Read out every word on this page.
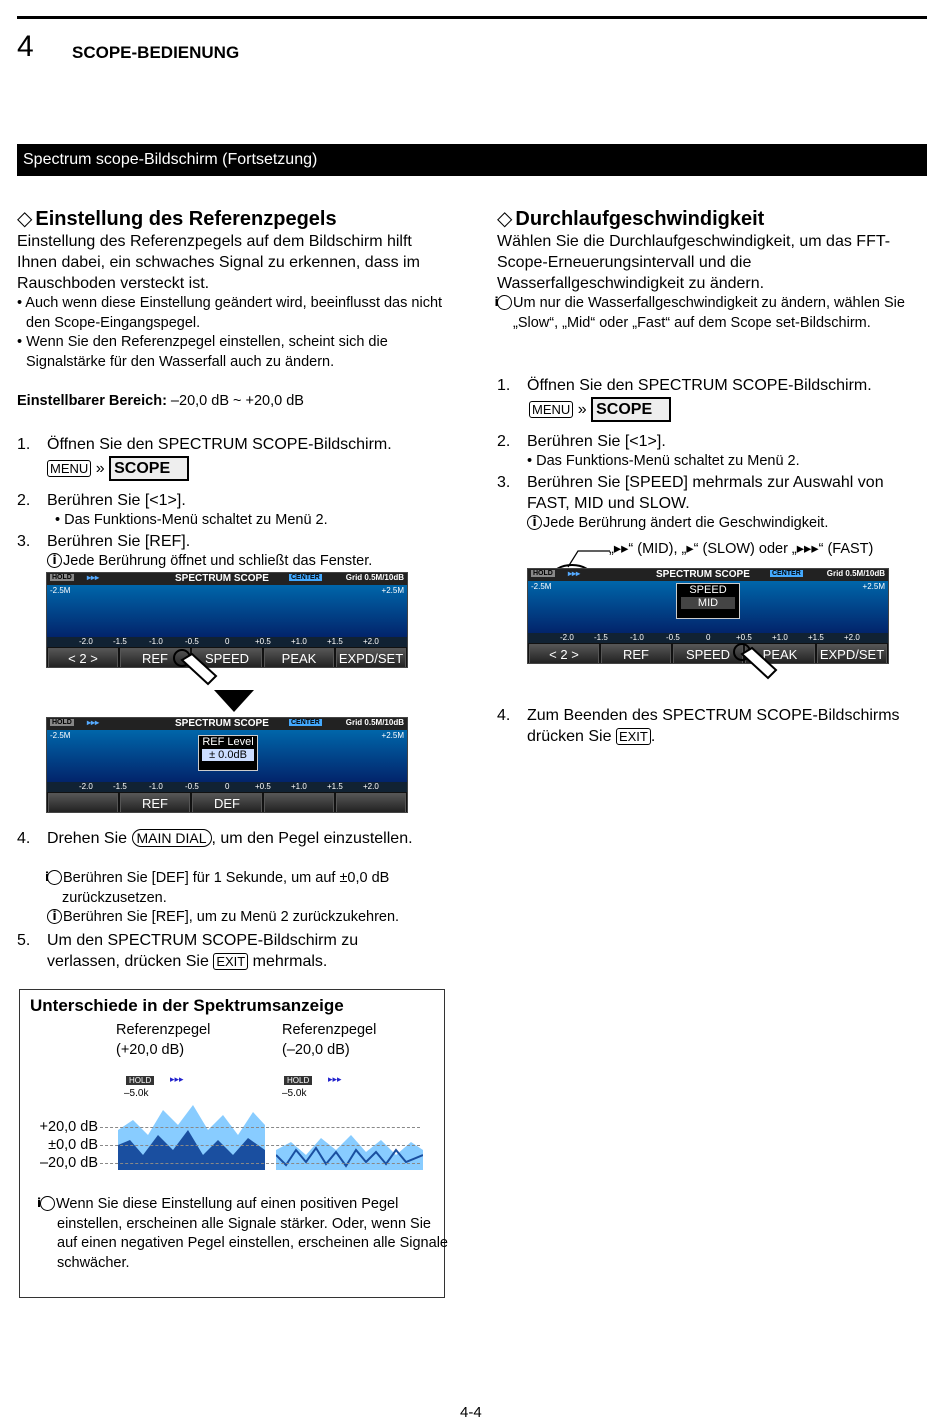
4 SCOPE-BEDIENUNG
Spectrum scope-Bildschirm (Fortsetzung)
◇ Einstellung des Referenzpegels
Einstellung des Referenzpegels auf dem Bildschirm hilft Ihnen dabei, ein schwaches Signal zu erkennen, dass im Rauschboden versteckt ist.
• Auch wenn diese Einstellung geändert wird, beeinflusst das nicht den Scope-Eingangspegel.
• Wenn Sie den Referenzpegel einstellen, scheint sich die Signalstärke für den Wasserfall auch zu ändern.
Einstellbarer Bereich: –20,0 dB ~ +20,0 dB
1. Öffnen Sie den SPECTRUM SCOPE-Bildschirm.
MENU » SCOPE
2. Berühren Sie [<1>].
• Das Funktions-Menü schaltet zu Menü 2.
3. Berühren Sie [REF].
i Jede Berührung öffnet und schließt das Fenster.
HOLD ▸▸▸	SPECTRUM SCOPE	CENTER	Grid 0.5M/10dB
-2.5M	+2.5M
-2.0	-1.5	-1.0	-0.5	0	+0.5	+1.0	+1.5	+2.0
< 2 >	REF	SPEED	PEAK	EXPD/SET
HOLD ▸▸▸	SPECTRUM SCOPE	CENTER	Grid 0.5M/10dB
-2.5M	+2.5M
REF Level
± 0.0dB
-2.0	-1.5	-1.0	-0.5	0	+0.5	+1.0	+1.5	+2.0
REF	DEF
4. Drehen Sie MAIN DIAL , um den Pegel einzustellen.
i Berühren Sie [DEF] für 1 Sekunde, um auf ±0,0 dB zurückzusetzen.
i Berühren Sie [REF], um zu Menü 2 zurückzukehren.
5. Um den SPECTRUM SCOPE-Bildschirm zu verlassen, drücken Sie EXIT mehrmals.
Unterschiede in der Spektrumsanzeige
Referenzpegel
(+20,0 dB)
Referenzpegel
(–20,0 dB)
HOLD	▸▸▸
–5.0k
HOLD	▸▸▸
–5.0k
+20,0 dB
±0,0 dB
–20,0 dB
i Wenn Sie diese Einstellung auf einen positiven Pegel einstellen, erscheinen alle Signale stärker. Oder, wenn Sie auf einen negativen Pegel einstellen, erscheinen alle Signale schwächer.
◇ Durchlaufgeschwindigkeit
Wählen Sie die Durchlaufgeschwindigkeit, um das FFT-Scope-Erneuerungsintervall und die Wasserfallgeschwindigkeit zu ändern.
i Um nur die Wasserfallgeschwindigkeit zu ändern, wählen Sie „Slow“, „Mid“ oder „Fast“ auf dem Scope set-Bildschirm.
1. Öffnen Sie den SPECTRUM SCOPE-Bildschirm.
MENU » SCOPE
2. Berühren Sie [<1>].
• Das Funktions-Menü schaltet zu Menü 2.
3. Berühren Sie [SPEED] mehrmals zur Auswahl von FAST, MID und SLOW.
i Jede Berührung ändert die Geschwindigkeit.
„▸▸“ (MID), „▸“ (SLOW) oder „▸▸▸“ (FAST)
HOLD ▸▸▸	SPECTRUM SCOPE	CENTER	Grid 0.5M/10dB
-2.5M	+2.5M
SPEED
MID
-2.0	-1.5	-1.0	-0.5	0	+0.5	+1.0	+1.5	+2.0
< 2 >	REF	SPEED	PEAK	EXPD/SET
4. Zum Beenden des SPECTRUM SCOPE-Bildschirms drücken Sie EXIT .
4-4
